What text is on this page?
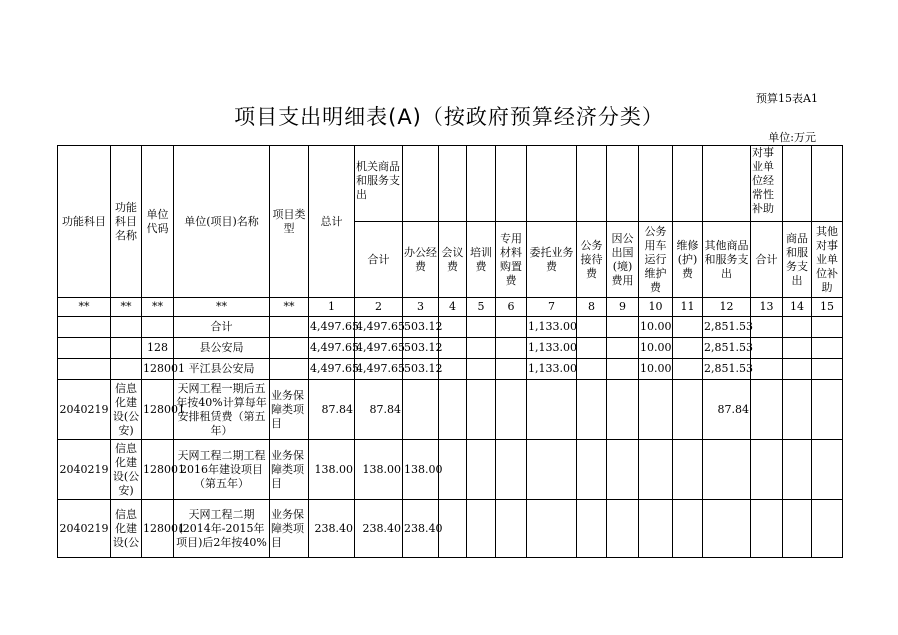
预算15表A1
项目支出明细表(A)（按政府预算经济分类）
单位:万元
功能科目	功能科目名称	单位代码	单位(项目)名称	项目类型	总计	机关商品和服务支出											对事业单位经常性补助		
						合计	办公经费	会议费	培训费	专用材料购置费	委托业务费	公务接待费	因公出国(境)费用	公务用车运行维护费	维修(护)费	其他商品和服务支出	合计	商品和服务支出	其他对事业单位补助
**	**	**	**	**	1	2	3	4	5	6	7	8	9	10	11	12	13	14	15
			合计		4,497.65	4,497.65	503.12				1,133.00			10.00		2,851.53			
		128	县公安局		4,497.65	4,497.65	503.12				1,133.00			10.00		2,851.53			
		128001	平江县公安局		4,497.65	4,497.65	503.12				1,133.00			10.00		2,851.53			
2040219	信息化建设(公安)	128001	天网工程一期后五年按40%计算每年安排租赁费（第五年）	业务保障类项目	87.84	87.84										87.84			
2040219	信息化建设(公安)	128001	天网工程二期工程2016年建设项目（第五年）	业务保障类项目	138.00	138.00	138.00												
2040219	信息化建设(公	128001	天网工程二期(2014年-2015年项目)后2年按40%	业务保障类项目	238.40	238.40	238.40												
